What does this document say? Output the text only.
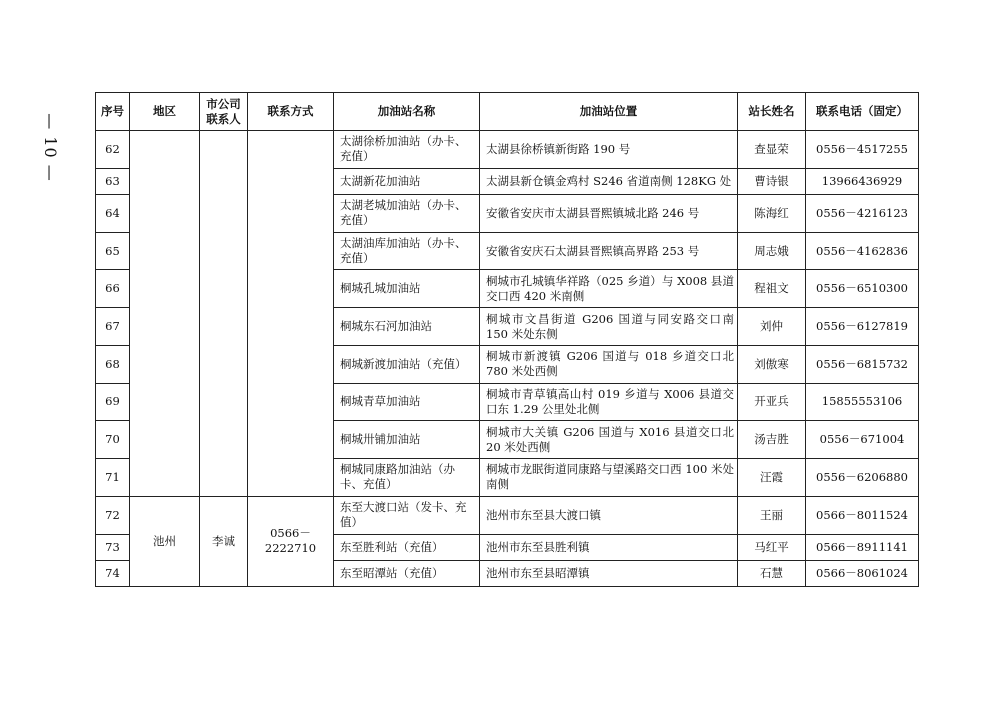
— 10 —
序号	地区	市公司联系人	联系方式	加油站名称	加油站位置	站长姓名	联系电话（固定）
62				太湖徐桥加油站（办卡、充值）	太湖县徐桥镇新街路 190 号	查显荣	0556－4517255
63				太湖新花加油站	太湖县新仓镇金鸡村 S246 省道南侧 128KG 处	曹诗银	13966436929
64				太湖老城加油站（办卡、充值）	安徽省安庆市太湖县晋熙镇城北路 246 号	陈海红	0556－4216123
65				太湖油库加油站（办卡、充值）	安徽省安庆石太湖县晋熙镇高界路 253 号	周志娥	0556－4162836
66				桐城孔城加油站	桐城市孔城镇华祥路（025 乡道）与 X008 县道交口西 420 米南侧	程祖文	0556－6510300
67				桐城东石河加油站	桐城市文昌街道 G206 国道与同安路交口南 150 米处东侧	刘仲	0556－6127819
68				桐城新渡加油站（充值）	桐城市新渡镇 G206 国道与 018 乡道交口北 780 米处西侧	刘傲寒	0556－6815732
69				桐城青草加油站	桐城市青草镇高山村 019 乡道与 X006 县道交口东 1.29 公里处北侧	开亚兵	15855553106
70				桐城卅铺加油站	桐城市大关镇 G206 国道与 X016 县道交口北 20 米处西侧	汤吉胜	0556－671004
71				桐城同康路加油站（办卡、充值）	桐城市龙眠街道同康路与望溪路交口西 100 米处南侧	汪霞	0556－6206880
72	池州	李诚	0566－2222710	东至大渡口站（发卡、充值）	池州市东至县大渡口镇	王丽	0566－8011524
73				东至胜利站（充值）	池州市东至县胜利镇	马红平	0566－8911141
74				东至昭潭站（充值）	池州市东至县昭潭镇	石慧	0566－8061024
